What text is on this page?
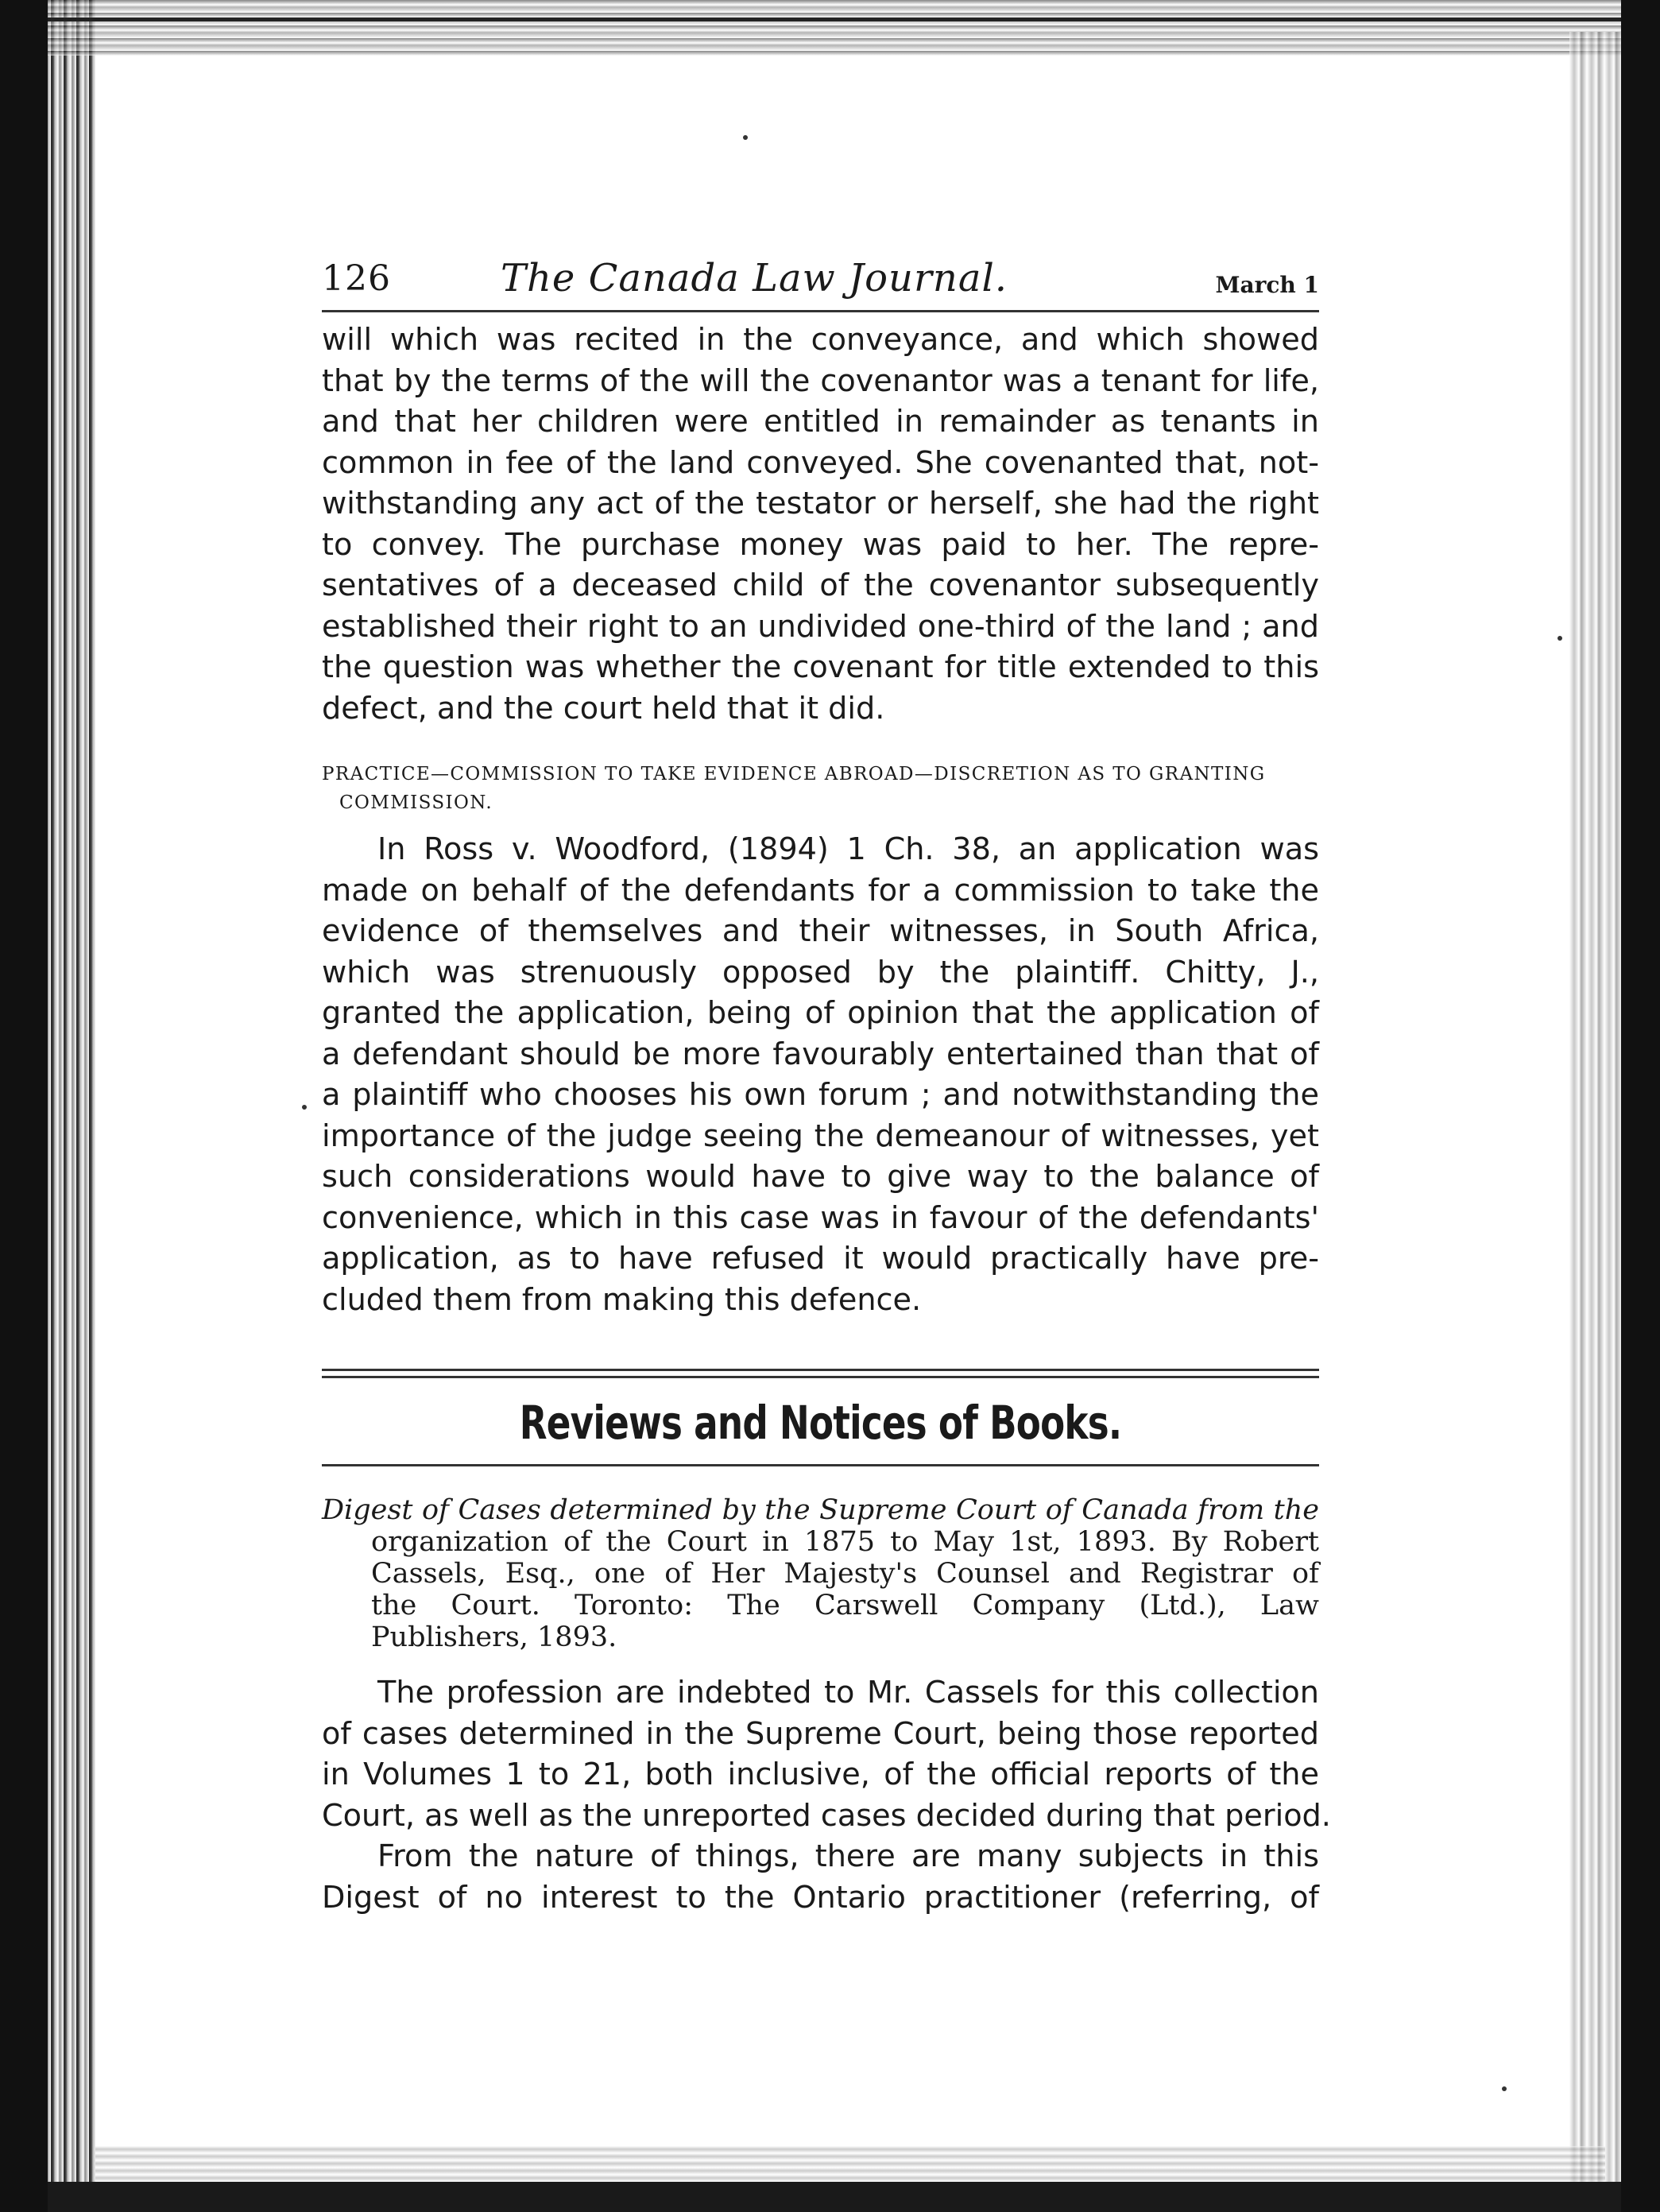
126	The Canada Law Journal.	March 1
will which was recited in the conveyance, and which showed
that by the terms of the will the covenantor was a tenant for life,
and that her children were entitled in remainder as tenants in
common in fee of the land conveyed. She covenanted that, not-
withstanding any act of the testator or herself, she had the right
to convey. The purchase money was paid to her. The repre-
sentatives of a deceased child of the covenantor subsequently
established their right to an undivided one-third of the land ; and
the question was whether the covenant for title extended to this
defect, and the court held that it did.
PRACTICE—COMMISSION TO TAKE EVIDENCE ABROAD—DISCRETION AS TO GRANTING
COMMISSION.
In Ross v. Woodford, (1894) 1 Ch. 38, an application was
made on behalf of the defendants for a commission to take the
evidence of themselves and their witnesses, in South Africa,
which was strenuously opposed by the plaintiff. Chitty, J.,
granted the application, being of opinion that the application of
a defendant should be more favourably entertained than that of
a plaintiff who chooses his own forum ; and notwithstanding the
importance of the judge seeing the demeanour of witnesses, yet
such considerations would have to give way to the balance of
convenience, which in this case was in favour of the defendants'
application, as to have refused it would practically have pre-
cluded them from making this defence.
Reviews and Notices of Books.
Digest of Cases determined by the Supreme Court of Canada from the
organization of the Court in 1875 to May 1st, 1893. By Robert
Cassels, Esq., one of Her Majesty's Counsel and Registrar of
the Court. Toronto: The Carswell Company (Ltd.), Law
Publishers, 1893.
The profession are indebted to Mr. Cassels for this collection
of cases determined in the Supreme Court, being those reported
in Volumes 1 to 21, both inclusive, of the official reports of the
Court, as well as the unreported cases decided during that period.
From the nature of things, there are many subjects in this
Digest of no interest to the Ontario practitioner (referring, of
